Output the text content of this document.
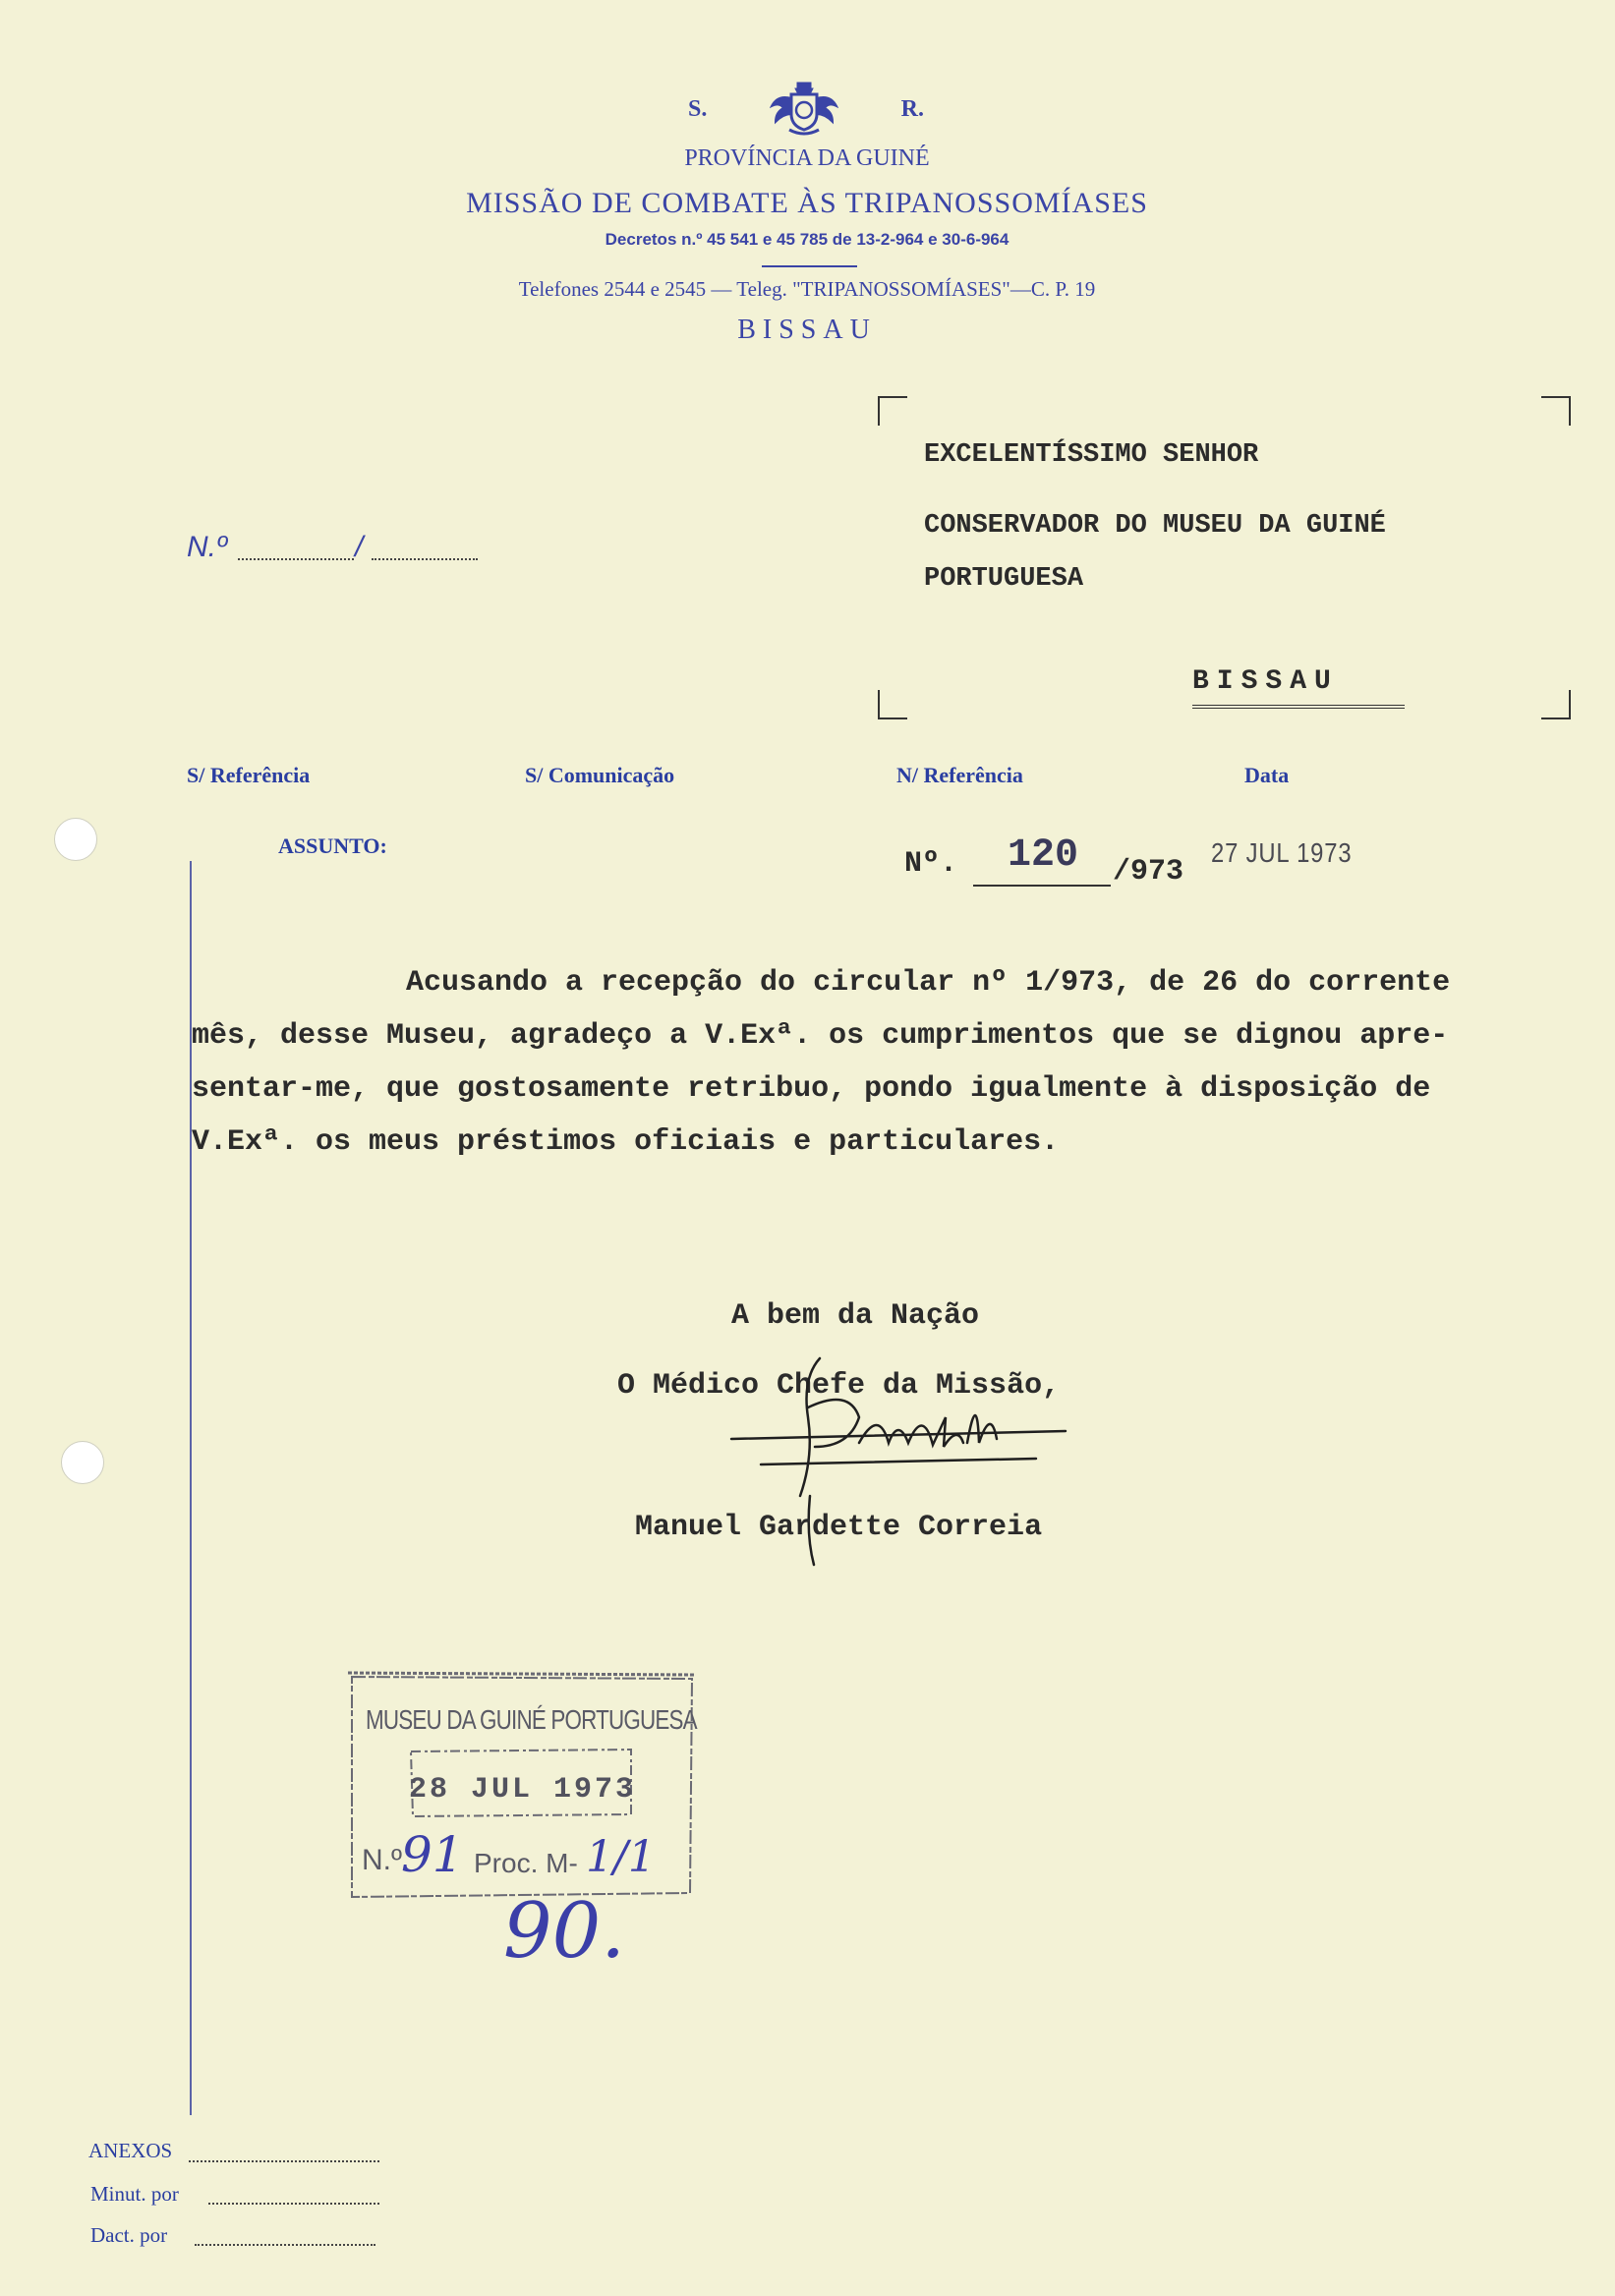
S.	R.
PROVÍNCIA DA GUINÉ
MISSÃO DE COMBATE ÀS TRIPANOSSOMÍASES
Decretos n.º 45 541 e 45 785 de 13-2-964 e 30-6-964
Telefones 2544 e 2545 — Teleg. "TRIPANOSSOMÍASES"—C. P. 19
BISSAU
EXCELENTÍSSIMO SENHOR
CONSERVADOR DO MUSEU DA GUINÉ
PORTUGUESA
BISSAU
N.º	/
S/ Referência	S/ Comunicação	N/ Referência	Data
ASSUNTO:
Nº.	120	/973
27 JUL 1973
Acusando a recepção do circular nº 1/973, de 26 do corrente
mês, desse Museu, agradeço a V.Exª. os cumprimentos que se dignou apre-
sentar-me, que gostosamente retribuo, pondo igualmente à disposição de
V.Exª. os meus préstimos oficiais e particulares.
A bem da Nação
O Médico Chefe da Missão,
Manuel Gardette Correia
MUSEU DA GUINÉ PORTUGUESA
28 JUL 1973
N.º 91 Proc. M- 1/1
90.
ANEXOS
Minut. por
Dact. por
